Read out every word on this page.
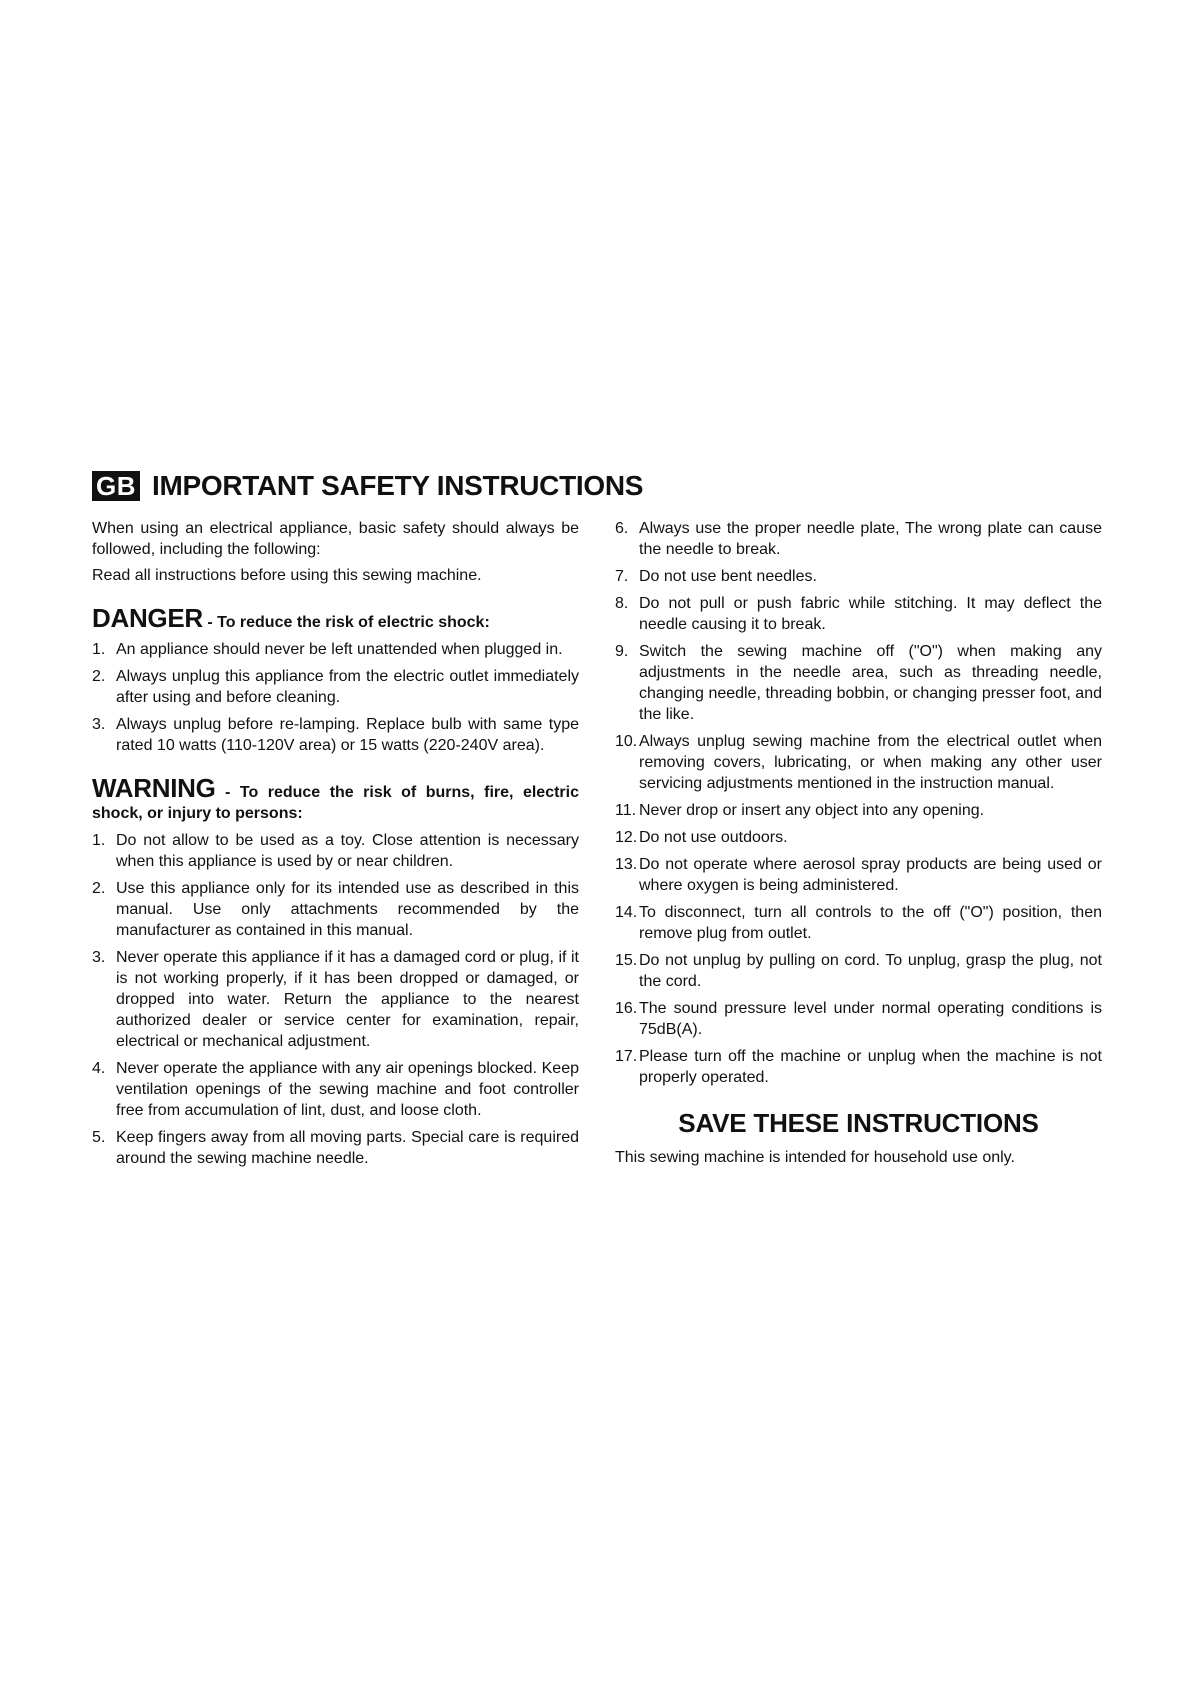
GB IMPORTANT SAFETY INSTRUCTIONS

When using an electrical appliance, basic safety should always be followed, including the following:

Read all instructions before using this sewing machine.

DANGER - To reduce the risk of electric shock:
1. An appliance should never be left unattended when plugged in.
2. Always unplug this appliance from the electric outlet immediately after using and before cleaning.
3. Always unplug before re-lamping. Replace bulb with same type rated 10 watts (110-120V area) or 15 watts (220-240V area).
WARNING - To reduce the risk of burns, fire, electric shock, or injury to persons:
1. Do not allow to be used as a toy. Close attention is necessary when this appliance is used by or near children.
2. Use this appliance only for its intended use as described in this manual. Use only attachments recommended by the manufacturer as contained in this manual.
3. Never operate this appliance if it has a damaged cord or plug, if it is not working properly, if it has been dropped or damaged, or dropped into water. Return the appliance to the nearest authorized dealer or service center for examination, repair, electrical or mechanical adjustment.
4. Never operate the appliance with any air openings blocked. Keep ventilation openings of the sewing machine and foot controller free from accumulation of lint, dust, and loose cloth.
5. Keep fingers away from all moving parts. Special care is required around the sewing machine needle.
6. Always use the proper needle plate, The wrong plate can cause the needle to break.
7. Do not use bent needles.
8. Do not pull or push fabric while stitching. It may deflect the needle causing it to break.
9. Switch the sewing machine off ("O") when making any adjustments in the needle area, such as threading needle, changing needle, threading bobbin, or changing presser foot, and the like.
10. Always unplug sewing machine from the electrical outlet when removing covers, lubricating, or when making any other user servicing adjustments mentioned in the instruction manual.
11. Never drop or insert any object into any opening.
12. Do not use outdoors.
13. Do not operate where aerosol spray products are being used or where oxygen is being administered.
14. To disconnect, turn all controls to the off ("O") position, then remove plug from outlet.
15. Do not unplug by pulling on cord. To unplug, grasp the plug, not the cord.
16. The sound pressure level under normal operating conditions is 75dB(A).
17. Please turn off the machine or unplug when the machine is not properly operated.
SAVE THESE INSTRUCTIONS

This sewing machine is intended for household use only.
